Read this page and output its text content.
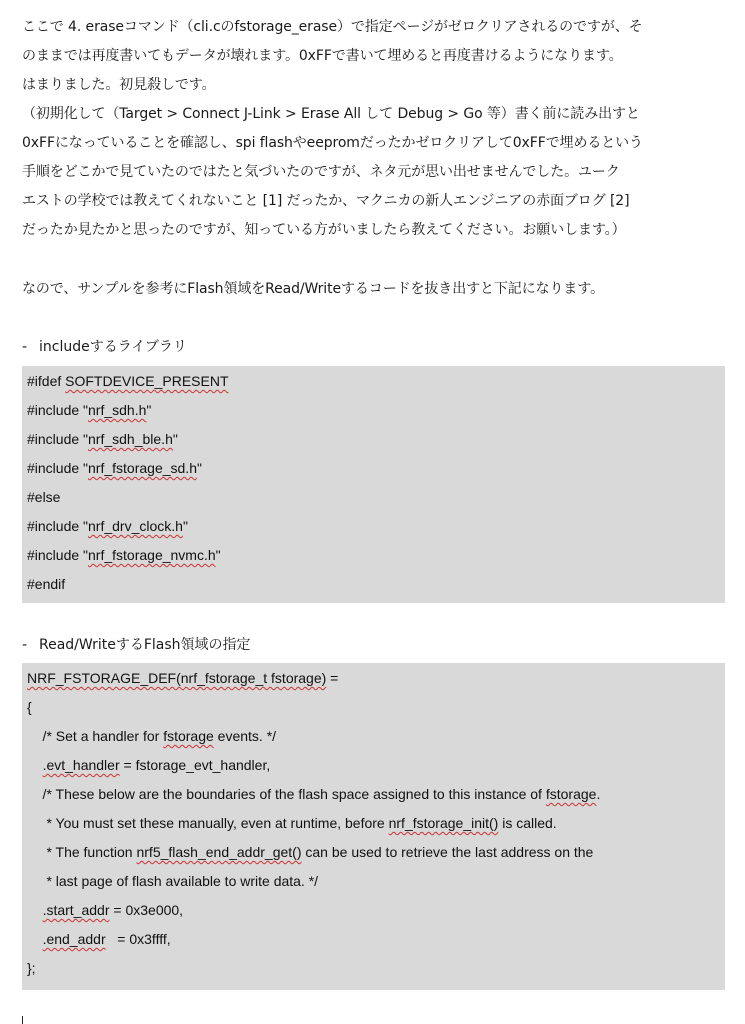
ここで 4. eraseコマンド（cli.cのfstorage_erase）で指定ページがゼロクリアされるのですが、そ
のままでは再度書いてもデータが壊れます。0xFFで書いて埋めると再度書けるようになります。
はまりました。初見殺しです。
（初期化して（Target > Connect J-Link > Erase All して Debug > Go 等）書く前に読み出すと
0xFFになっていることを確認し、spi flashやeepromだったかゼロクリアして0xFFで埋めるという
手順をどこかで見ていたのではたと気づいたのですが、ネタ元が思い出せませんでした。ユーク
エストの学校では教えてくれないこと [1] だったか、マクニカの新人エンジニアの赤面ブログ [2]
だったか見たかと思ったのですが、知っている方がいましたら教えてください。お願いします。）
なので、サンプルを参考にFlash領域をRead/Writeするコードを抜き出すと下記になります。
- includeするライブラリ
#ifdef SOFTDEVICE_PRESENT
#include "nrf_sdh.h"
#include "nrf_sdh_ble.h"
#include "nrf_fstorage_sd.h"
#else
#include "nrf_drv_clock.h"
#include "nrf_fstorage_nvmc.h"
#endif
- Read/WriteするFlash領域の指定
NRF_FSTORAGE_DEF(nrf_fstorage_t fstorage) =
{
/* Set a handler for fstorage events. */
.evt_handler = fstorage_evt_handler,
/* These below are the boundaries of the flash space assigned to this instance of fstorage.
* You must set these manually, even at runtime, before nrf_fstorage_init() is called.
* The function nrf5_flash_end_addr_get() can be used to retrieve the last address on the
* last page of flash available to write data. */
.start_addr = 0x3e000,
.end_addr   = 0x3ffff,
};
